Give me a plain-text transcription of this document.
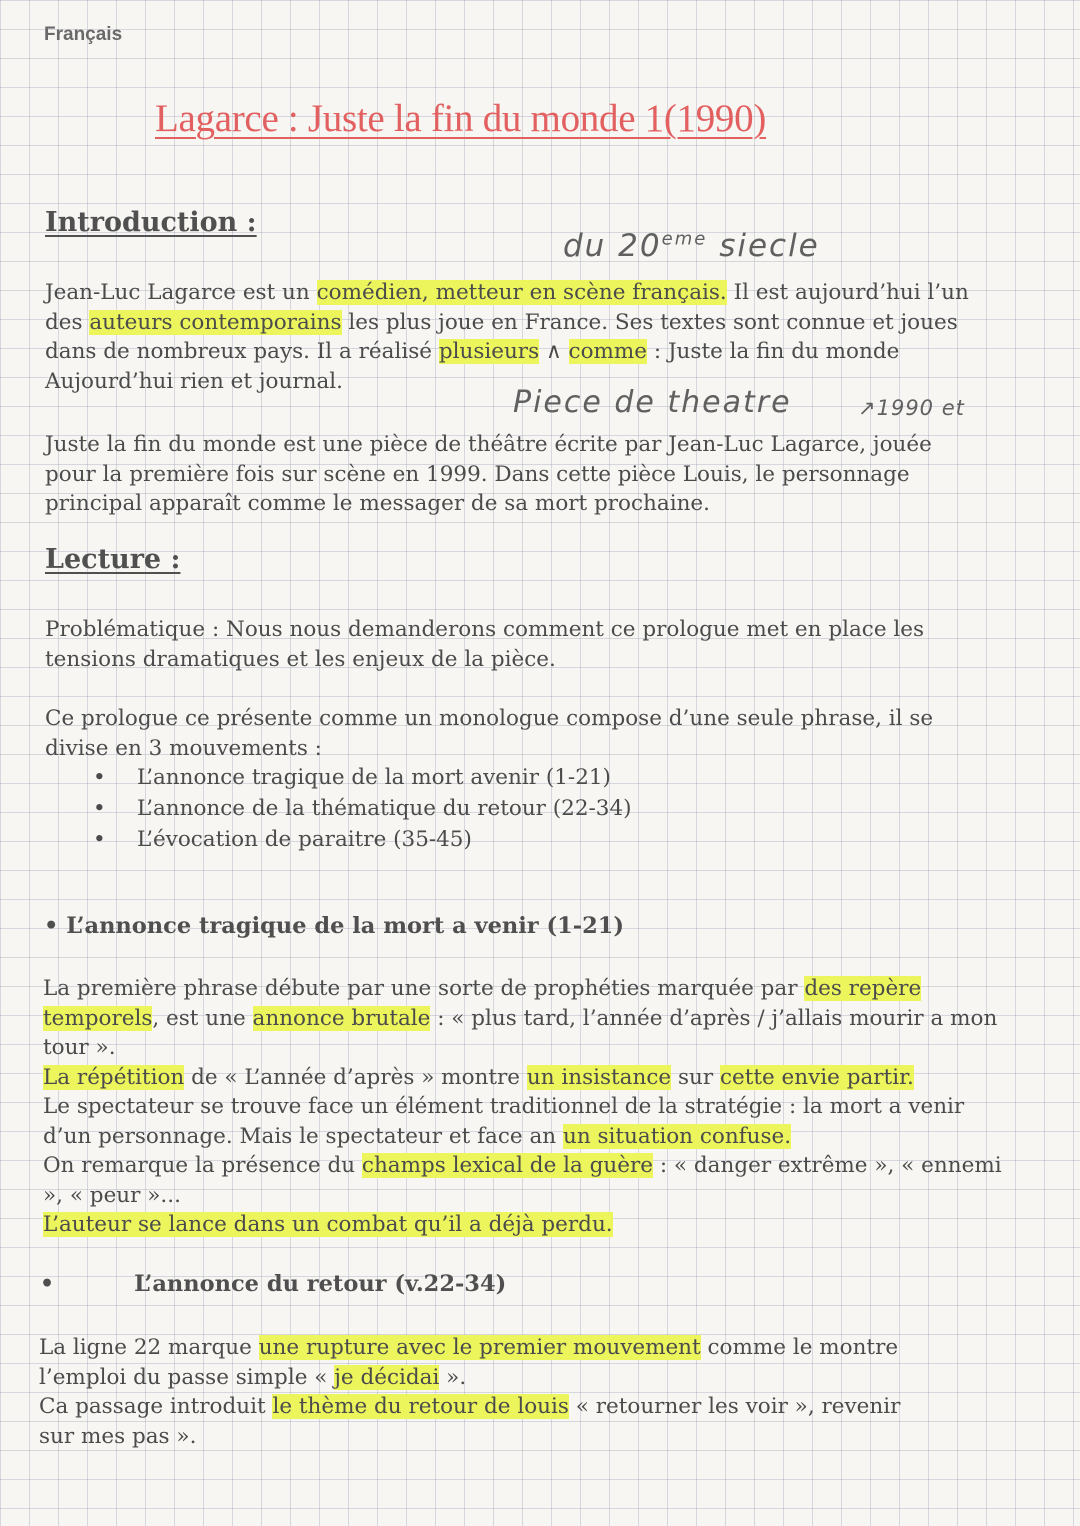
Français
Lagarce : Juste la fin du monde 1(1990)
Introduction :
du 20eme siecle

Jean-Luc Lagarce est un comédien, metteur en scène français. Il est aujourd’hui l’un des auteurs contemporains les plus joue en France. Ses textes sont connue et joues dans de nombreux pays. Il a réalisé plusieurs ∧ comme : Juste la fin du monde Aujourd’hui rien et journal.

Piece de theatre	↗1990 et

Juste la fin du monde est une pièce de théâtre écrite par Jean-Luc Lagarce, jouée pour la première fois sur scène en 1999. Dans cette pièce Louis, le personnage principal apparaît comme le messager de sa mort prochaine.

Lecture :

Problématique : Nous nous demanderons comment ce prologue met en place les tensions dramatiques et les enjeux de la pièce.

Ce prologue ce présente comme un monologue compose d’une seule phrase, il se divise en 3 mouvements :

• L’annonce tragique de la mort avenir (1-21)
• L’annonce de la thématique du retour (22-34)
• L’évocation de paraitre (35-45)
• L’annonce tragique de la mort a venir (1-21)
La première phrase débute par une sorte de prophéties marquée par des repère temporels, est une annonce brutale : « plus tard, l’année d’après / j’allais mourir a mon tour ».
La répétition de « L’année d’après » montre un insistance sur cette envie partir.
Le spectateur se trouve face un élément traditionnel de la stratégie : la mort a venir d’un personnage. Mais le spectateur et face an un situation confuse.
On remarque la présence du champs lexical de la guère : « danger extrême », « ennemi », « peur »...
L’auteur se lance dans un combat qu’il a déjà perdu.
•	L’annonce du retour (v.22-34)
La ligne 22 marque une rupture avec le premier mouvement comme le montre l’emploi du passe simple « je décidai ».
Ca passage introduit le thème du retour de louis « retourner les voir », revenir sur mes pas ».
